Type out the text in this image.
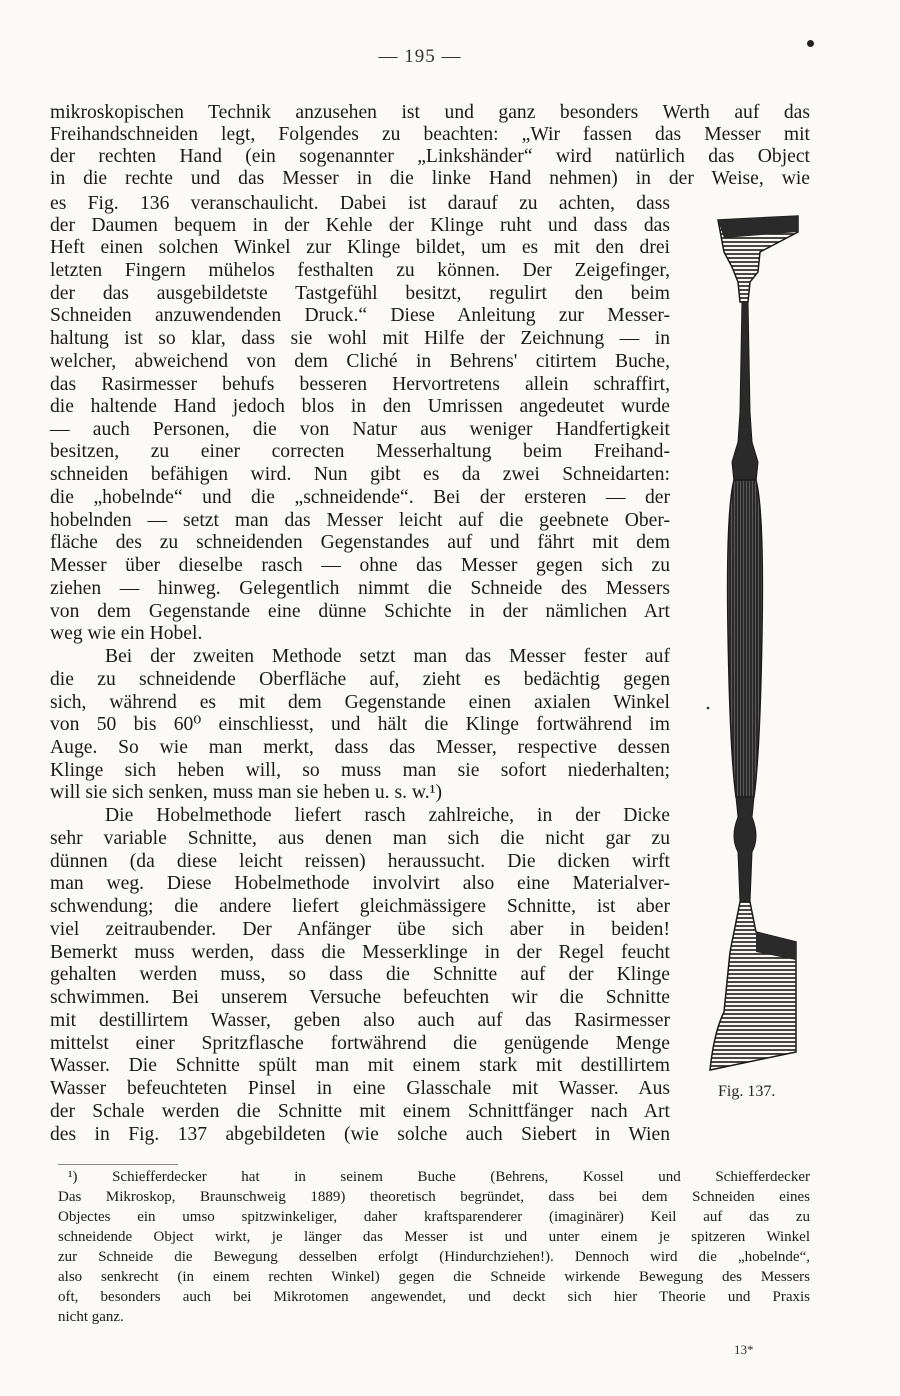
— 195 —
mikroskopischen Technik anzusehen ist und ganz besonders Werth auf das
Freihandschneiden legt, Folgendes zu beachten: „Wir fassen das Messer mit
der rechten Hand (ein sogenannter „Linkshänder“ wird natürlich das Object
in die rechte und das Messer in die linke Hand nehmen) in der Weise, wie
es Fig. 136 veranschaulicht. Dabei ist darauf zu achten, dass
der Daumen bequem in der Kehle der Klinge ruht und dass das
Heft einen solchen Winkel zur Klinge bildet, um es mit den drei
letzten Fingern mühelos festhalten zu können. Der Zeigefinger,
der das ausgebildetste Tastgefühl besitzt, regulirt den beim
Schneiden anzuwendenden Druck.“ Diese Anleitung zur Messer-
haltung ist so klar, dass sie wohl mit Hilfe der Zeichnung — in
welcher, abweichend von dem Cliché in Behrens' citirtem Buche,
das Rasirmesser behufs besseren Hervortretens allein schraffirt,
die haltende Hand jedoch blos in den Umrissen angedeutet wurde
— auch Personen, die von Natur aus weniger Handfertigkeit
besitzen, zu einer correcten Messerhaltung beim Freihand-
schneiden befähigen wird. Nun gibt es da zwei Schneidarten:
die „hobelnde“ und die „schneidende“. Bei der ersteren — der
hobelnden — setzt man das Messer leicht auf die geebnete Ober-
fläche des zu schneidenden Gegenstandes auf und fährt mit dem
Messer über dieselbe rasch — ohne das Messer gegen sich zu
ziehen — hinweg. Gelegentlich nimmt die Schneide des Messers
von dem Gegenstande eine dünne Schichte in der nämlichen Art
weg wie ein Hobel.
Bei der zweiten Methode setzt man das Messer fester auf
die zu schneidende Oberfläche auf, zieht es bedächtig gegen
sich, während es mit dem Gegenstande einen axialen Winkel
von 50 bis 60⁰ einschliesst, und hält die Klinge fortwährend im
Auge. So wie man merkt, dass das Messer, respective dessen
Klinge sich heben will, so muss man sie sofort niederhalten;
will sie sich senken, muss man sie heben u. s. w.¹)
Die Hobelmethode liefert rasch zahlreiche, in der Dicke
sehr variable Schnitte, aus denen man sich die nicht gar zu
dünnen (da diese leicht reissen) heraussucht. Die dicken wirft
man weg. Diese Hobelmethode involvirt also eine Materialver-
schwendung; die andere liefert gleichmässigere Schnitte, ist aber
viel zeitraubender. Der Anfänger übe sich aber in beiden!
Bemerkt muss werden, dass die Messerklinge in der Regel feucht
gehalten werden muss, so dass die Schnitte auf der Klinge
schwimmen. Bei unserem Versuche befeuchten wir die Schnitte
mit destillirtem Wasser, geben also auch auf das Rasirmesser
mittelst einer Spritzflasche fortwährend die genügende Menge
Wasser. Die Schnitte spült man mit einem stark mit destillirtem
Wasser befeuchteten Pinsel in eine Glasschale mit Wasser. Aus
der Schale werden die Schnitte mit einem Schnittfänger nach Art
des in Fig. 137 abgebildeten (wie solche auch Siebert in Wien
¹) Schiefferdecker hat in seinem Buche (Behrens, Kossel und Schiefferdecker
Das Mikroskop, Braunschweig 1889) theoretisch begründet, dass bei dem Schneiden eines
Objectes ein umso spitzwinkeliger, daher kraftsparenderer (imaginärer) Keil auf das zu
schneidende Object wirkt, je länger das Messer ist und unter einem je spitzeren Winkel
zur Schneide die Bewegung desselben erfolgt (Hindurchziehen!). Dennoch wird die „hobelnde“,
also senkrecht (in einem rechten Winkel) gegen die Schneide wirkende Bewegung des Messers
oft, besonders auch bei Mikrotomen angewendet, und deckt sich hier Theorie und Praxis
nicht ganz.
Fig. 137.
13*
